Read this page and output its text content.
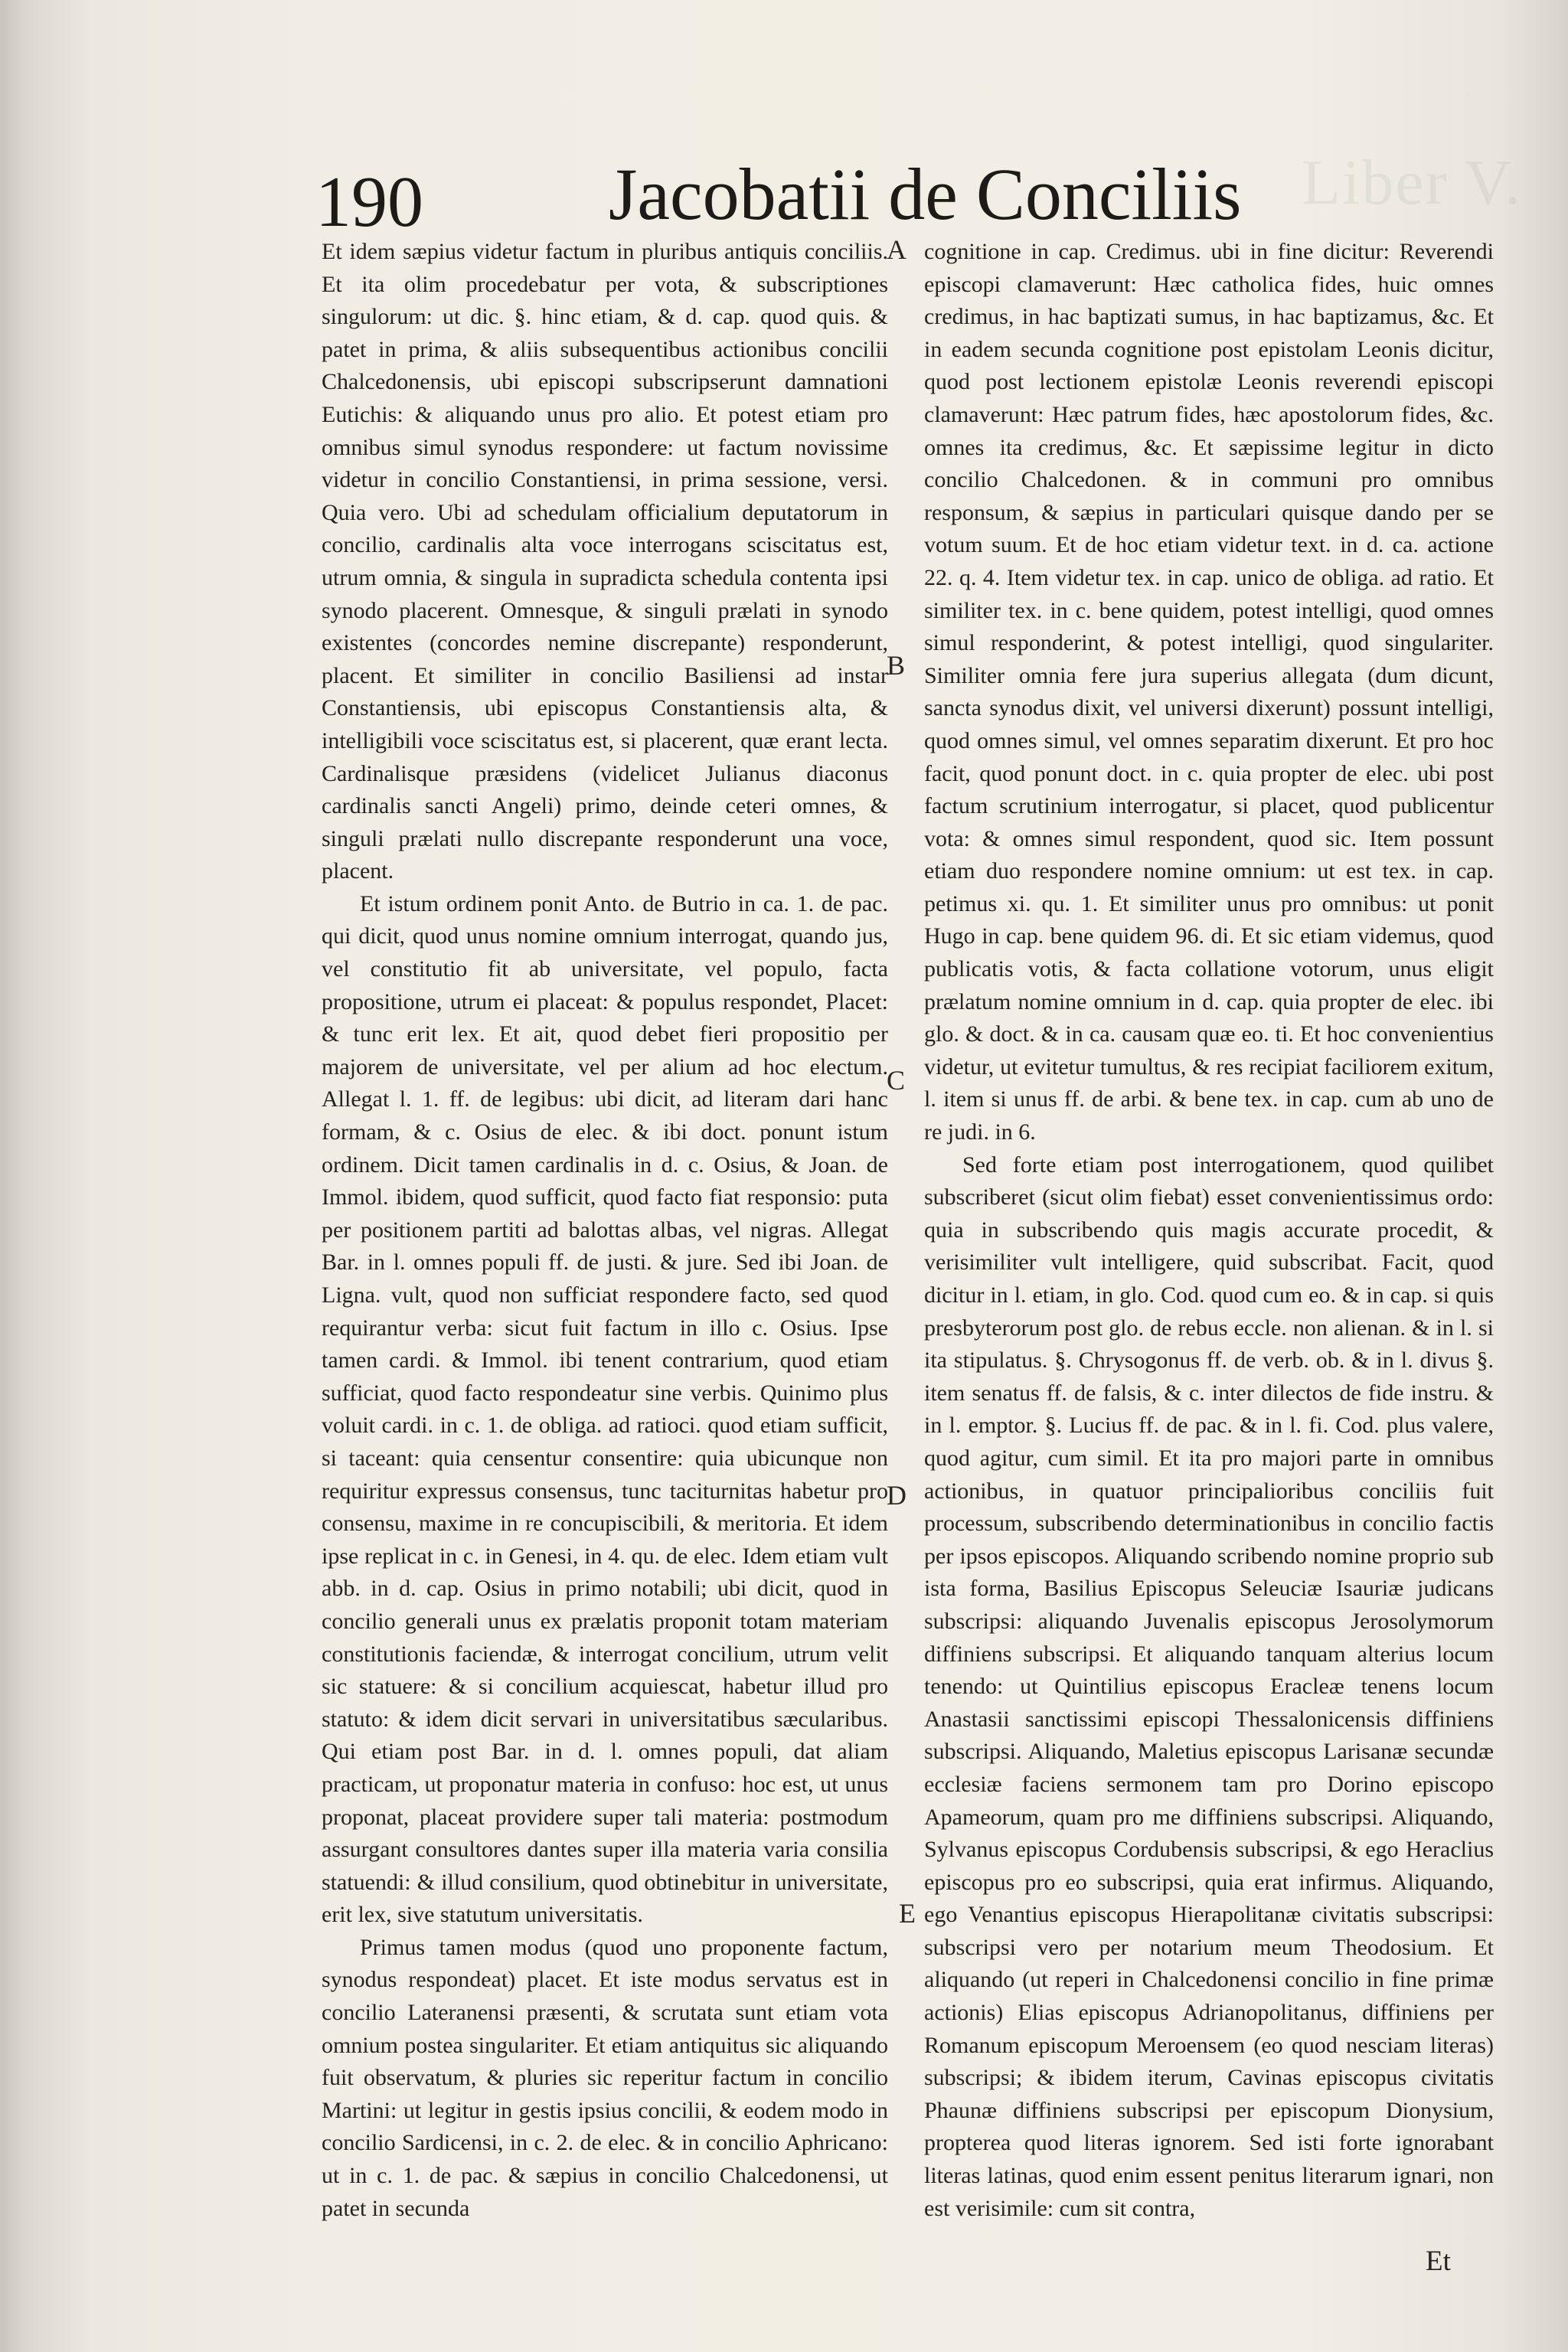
Liber V.
190	Jacobatii de Conciliis

Et idem sæpius videtur factum in pluribus antiquis conciliis. Et ita olim procedebatur per vota, & subscriptiones singulorum: ut dic. §. hinc etiam, & d. cap. quod quis. & patet in prima, & aliis subsequentibus actionibus concilii Chalcedonensis, ubi episcopi subscripserunt damnationi Eutichis: & aliquando unus pro alio. Et potest etiam pro omnibus simul synodus respondere: ut factum novissime videtur in concilio Constantiensi, in prima sessione, versi. Quia vero. Ubi ad schedulam officialium deputatorum in concilio, cardinalis alta voce interrogans sciscitatus est, utrum omnia, & singula in supradicta schedula contenta ipsi synodo placerent. Omnesque, & singuli prælati in synodo existentes (concordes nemine discrepante) responderunt, placent. Et similiter in concilio Basiliensi ad instar Constantiensis, ubi episcopus Constantiensis alta, & intelligibili voce sciscitatus est, si placerent, quæ erant lecta. Cardinalisque præsidens (videlicet Julianus diaconus cardinalis sancti Angeli) primo, deinde ceteri omnes, & singuli prælati nullo discrepante responderunt una voce, placent.

Et istum ordinem ponit Anto. de Butrio in ca. 1. de pac. qui dicit, quod unus nomine omnium interrogat, quando jus, vel constitutio fit ab universitate, vel populo, facta propositione, utrum ei placeat: & populus respondet, Placet: & tunc erit lex. Et ait, quod debet fieri propositio per majorem de universitate, vel per alium ad hoc electum. Allegat l. 1. ff. de legibus: ubi dicit, ad literam dari hanc formam, & c. Osius de elec. & ibi doct. ponunt istum ordinem. Dicit tamen cardinalis in d. c. Osius, & Joan. de Immol. ibidem, quod sufficit, quod facto fiat responsio: puta per positionem partiti ad balottas albas, vel nigras. Allegat Bar. in l. omnes populi ff. de justi. & jure. Sed ibi Joan. de Ligna. vult, quod non sufficiat respondere facto, sed quod requirantur verba: sicut fuit factum in illo c. Osius. Ipse tamen cardi. & Immol. ibi tenent contrarium, quod etiam sufficiat, quod facto respondeatur sine verbis. Quinimo plus voluit cardi. in c. 1. de obliga. ad ratioci. quod etiam sufficit, si taceant: quia censentur consentire: quia ubicunque non requiritur expressus consensus, tunc taciturnitas habetur pro consensu, maxime in re concupiscibili, & meritoria. Et idem ipse replicat in c. in Genesi, in 4. qu. de elec. Idem etiam vult abb. in d. cap. Osius in primo notabili; ubi dicit, quod in concilio generali unus ex prælatis proponit totam materiam constitutionis faciendæ, & interrogat concilium, utrum velit sic statuere: & si concilium acquiescat, habetur illud pro statuto: & idem dicit servari in universitatibus sæcularibus. Qui etiam post Bar. in d. l. omnes populi, dat aliam practicam, ut proponatur materia in confuso: hoc est, ut unus proponat, placeat providere super tali materia: postmodum assurgant consultores dantes super illa materia varia consilia statuendi: & illud consilium, quod obtinebitur in universitate, erit lex, sive statutum universitatis.

Primus tamen modus (quod uno proponente factum, synodus respondeat) placet. Et iste modus servatus est in concilio Lateranensi præsenti, & scrutata sunt etiam vota omnium postea singulariter. Et etiam antiquitus sic aliquando fuit observatum, & pluries sic reperitur factum in concilio Martini: ut legitur in gestis ipsius concilii, & eodem modo in concilio Sardicensi, in c. 2. de elec. & in concilio Aphricano: ut in c. 1. de pac. & sæpius in concilio Chalcedonensi, ut patet in secunda

cognitione in cap. Credimus. ubi in fine dicitur: Reverendi episcopi clamaverunt: Hæc catholica fides, huic omnes credimus, in hac baptizati sumus, in hac baptizamus, &c. Et in eadem secunda cognitione post epistolam Leonis dicitur, quod post lectionem epistolæ Leonis reverendi episcopi clamaverunt: Hæc patrum fides, hæc apostolorum fides, &c. omnes ita credimus, &c. Et sæpissime legitur in dicto concilio Chalcedonen. & in communi pro omnibus responsum, & sæpius in particulari quisque dando per se votum suum. Et de hoc etiam videtur text. in d. ca. actione 22. q. 4. Item videtur tex. in cap. unico de obliga. ad ratio. Et similiter tex. in c. bene quidem, potest intelligi, quod omnes simul responderint, & potest intelligi, quod singulariter. Similiter omnia fere jura superius allegata (dum dicunt, sancta synodus dixit, vel universi dixerunt) possunt intelligi, quod omnes simul, vel omnes separatim dixerunt. Et pro hoc facit, quod ponunt doct. in c. quia propter de elec. ubi post factum scrutinium interrogatur, si placet, quod publicentur vota: & omnes simul respondent, quod sic. Item possunt etiam duo respondere nomine omnium: ut est tex. in cap. petimus xi. qu. 1. Et similiter unus pro omnibus: ut ponit Hugo in cap. bene quidem 96. di. Et sic etiam videmus, quod publicatis votis, & facta collatione votorum, unus eligit prælatum nomine omnium in d. cap. quia propter de elec. ibi glo. & doct. & in ca. causam quæ eo. ti. Et hoc convenientius videtur, ut evitetur tumultus, & res recipiat faciliorem exitum, l. item si unus ff. de arbi. & bene tex. in cap. cum ab uno de re judi. in 6.

Sed forte etiam post interrogationem, quod quilibet subscriberet (sicut olim fiebat) esset convenientissimus ordo: quia in subscribendo quis magis accurate procedit, & verisimiliter vult intelligere, quid subscribat. Facit, quod dicitur in l. etiam, in glo. Cod. quod cum eo. & in cap. si quis presbyterorum post glo. de rebus eccle. non alienan. & in l. si ita stipulatus. §. Chrysogonus ff. de verb. ob. & in l. divus §. item senatus ff. de falsis, & c. inter dilectos de fide instru. & in l. emptor. §. Lucius ff. de pac. & in l. fi. Cod. plus valere, quod agitur, cum simil. Et ita pro majori parte in omnibus actionibus, in quatuor principalioribus conciliis fuit processum, subscribendo determinationibus in concilio factis per ipsos episcopos. Aliquando scribendo nomine proprio sub ista forma, Basilius Episcopus Seleuciæ Isauriæ judicans subscripsi: aliquando Juvenalis episcopus Jerosolymorum diffiniens subscripsi. Et aliquando tanquam alterius locum tenendo: ut Quintilius episcopus Eracleæ tenens locum Anastasii sanctissimi episcopi Thessalonicensis diffiniens subscripsi. Aliquando, Maletius episcopus Larisanæ secundæ ecclesiæ faciens sermonem tam pro Dorino episcopo Apameorum, quam pro me diffiniens subscripsi. Aliquando, Sylvanus episcopus Cordubensis subscripsi, & ego Heraclius episcopus pro eo subscripsi, quia erat infirmus. Aliquando, ego Venantius episcopus Hierapolitanæ civitatis subscripsi: subscripsi vero per notarium meum Theodosium. Et aliquando (ut reperi in Chalcedonensi concilio in fine primæ actionis) Elias episcopus Adrianopolitanus, diffiniens per Romanum episcopum Meroensem (eo quod nesciam literas) subscripsi; & ibidem iterum, Cavinas episcopus civitatis Phaunæ diffiniens subscripsi per episcopum Dionysium, propterea quod literas ignorem. Sed isti forte ignorabant literas latinas, quod enim essent penitus literarum ignari, non est verisimile: cum sit contra,

A
B
C
D
E
Et
